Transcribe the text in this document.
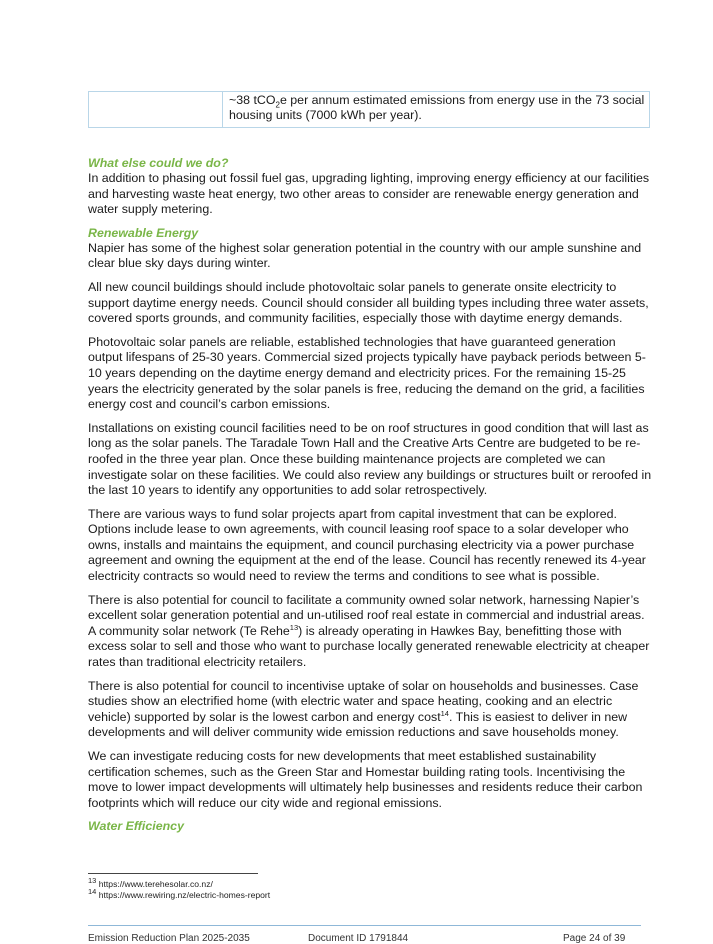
~38 tCO$_2$e per annum estimated emissions from energy use in the 73 social housing units (7000 kWh per year).
What else could we do?

In addition to phasing out fossil fuel gas, upgrading lighting, improving energy efficiency at our facilities and harvesting waste heat energy, two other areas to consider are renewable energy generation and water supply metering.

Renewable Energy

Napier has some of the highest solar generation potential in the country with our ample sunshine and clear blue sky days during winter.

All new council buildings should include photovoltaic solar panels to generate onsite electricity to support daytime energy needs. Council should consider all building types including three water assets, covered sports grounds, and community facilities, especially those with daytime energy demands.

Photovoltaic solar panels are reliable, established technologies that have guaranteed generation output lifespans of 25-30 years. Commercial sized projects typically have payback periods between 5-10 years depending on the daytime energy demand and electricity prices. For the remaining 15-25 years the electricity generated by the solar panels is free, reducing the demand on the grid, a facilities energy cost and council’s carbon emissions.

Installations on existing council facilities need to be on roof structures in good condition that will last as long as the solar panels. The Taradale Town Hall and the Creative Arts Centre are budgeted to be re-roofed in the three year plan. Once these building maintenance projects are completed we can investigate solar on these facilities. We could also review any buildings or structures built or reroofed in the last 10 years to identify any opportunities to add solar retrospectively.

There are various ways to fund solar projects apart from capital investment that can be explored. Options include lease to own agreements, with council leasing roof space to a solar developer who owns, installs and maintains the equipment, and council purchasing electricity via a power purchase agreement and owning the equipment at the end of the lease. Council has recently renewed its 4-year electricity contracts so would need to review the terms and conditions to see what is possible.

There is also potential for council to facilitate a community owned solar network, harnessing Napier’s excellent solar generation potential and un-utilised roof real estate in commercial and industrial areas. A community solar network (Te Rehe$^{13}$) is already operating in Hawkes Bay, benefitting those with excess solar to sell and those who want to purchase locally generated renewable electricity at cheaper rates than traditional electricity retailers.

There is also potential for council to incentivise uptake of solar on households and businesses. Case studies show an electrified home (with electric water and space heating, cooking and an electric vehicle) supported by solar is the lowest carbon and energy cost$^{14}$. This is easiest to deliver in new developments and will deliver community wide emission reductions and save households money.

We can investigate reducing costs for new developments that meet established sustainability certification schemes, such as the Green Star and Homestar building rating tools. Incentivising the move to lower impact developments will ultimately help businesses and residents reduce their carbon footprints which will reduce our city wide and regional emissions.

Water Efficiency
$^{13}$ https://www.terehesolar.co.nz/
$^{14}$ https://www.rewiring.nz/electric-homes-report
Emission Reduction Plan 2025-2035	Document ID 1791844	Page 24 of 39
